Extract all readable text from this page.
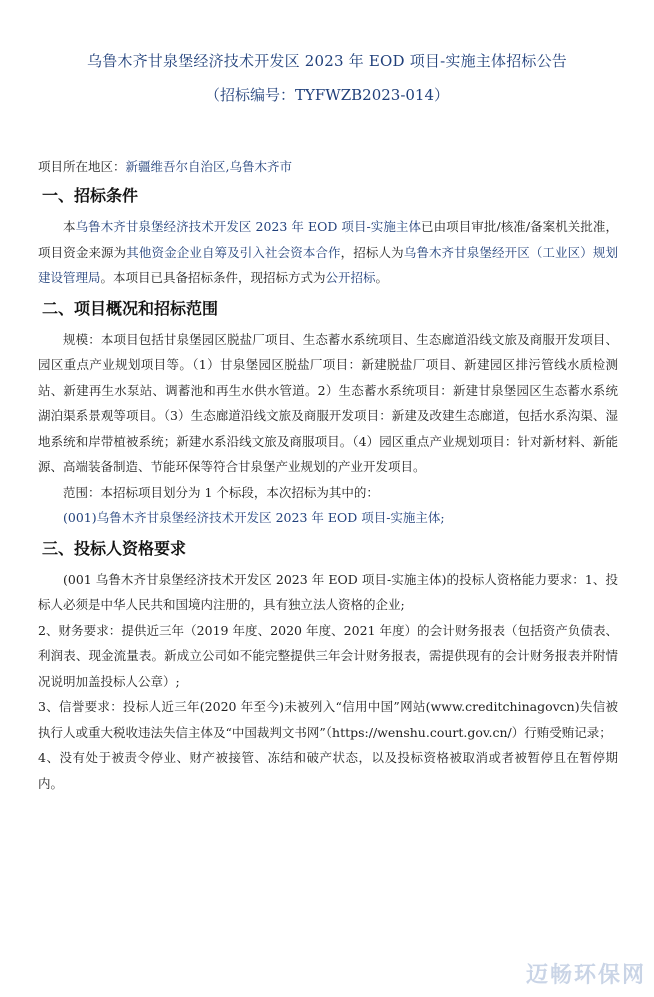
乌鲁木齐甘泉堡经济技术开发区 2023 年 EOD 项目-实施主体招标公告
（招标编号：TYFWZB2023-014）
项目所在地区：新疆维吾尔自治区,乌鲁木齐市
一、招标条件

本乌鲁木齐甘泉堡经济技术开发区 2023 年 EOD 项目-实施主体已由项目审批/核准/备案机关批准，项目资金来源为其他资金企业自筹及引入社会资本合作，招标人为乌鲁木齐甘泉堡经开区（工业区）规划建设管理局。本项目已具备招标条件，现招标方式为公开招标。

二、项目概况和招标范围

规模：本项目包括甘泉堡园区脱盐厂项目、生态蓄水系统项目、生态廊道沿线文旅及商服开发项目、园区重点产业规划项目等。（1）甘泉堡园区脱盐厂项目：新建脱盐厂项目、新建园区排污管线水质检测站、新建再生水泵站、调蓄池和再生水供水管道。2）生态蓄水系统项目：新建甘泉堡园区生态蓄水系统湖泊渠系景观等项目。（3）生态廊道沿线文旅及商服开发项目：新建及改建生态廊道，包括水系沟渠、湿地系统和岸带植被系统；新建水系沿线文旅及商服项目。（4）园区重点产业规划项目：针对新材料、新能源、高端装备制造、节能环保等符合甘泉堡产业规划的产业开发项目。

范围：本招标项目划分为 1 个标段，本次招标为其中的：

(001)乌鲁木齐甘泉堡经济技术开发区 2023 年 EOD 项目-实施主体;

三、投标人资格要求

(001 乌鲁木齐甘泉堡经济技术开发区 2023 年 EOD 项目-实施主体)的投标人资格能力要求：1、投标人必须是中华人民共和国境内注册的，具有独立法人资格的企业;

2、财务要求：提供近三年（2019 年度、2020 年度、2021 年度）的会计财务报表（包括资产负债表、利润表、现金流量表。新成立公司如不能完整提供三年会计财务报表，需提供现有的会计财务报表并附情况说明加盖投标人公章）;

3、信誉要求：投标人近三年(2020 年至今)未被列入“信用中国”网站(www.creditchinagovcn)失信被执行人或重大税收违法失信主体及“中国裁判文书网”（https://wenshu.court.gov.cn/）行贿受贿记录；

4、没有处于被责令停业、财产被接管、冻结和破产状态，以及投标资格被取消或者被暂停且在暂停期内。

迈畅环保网
